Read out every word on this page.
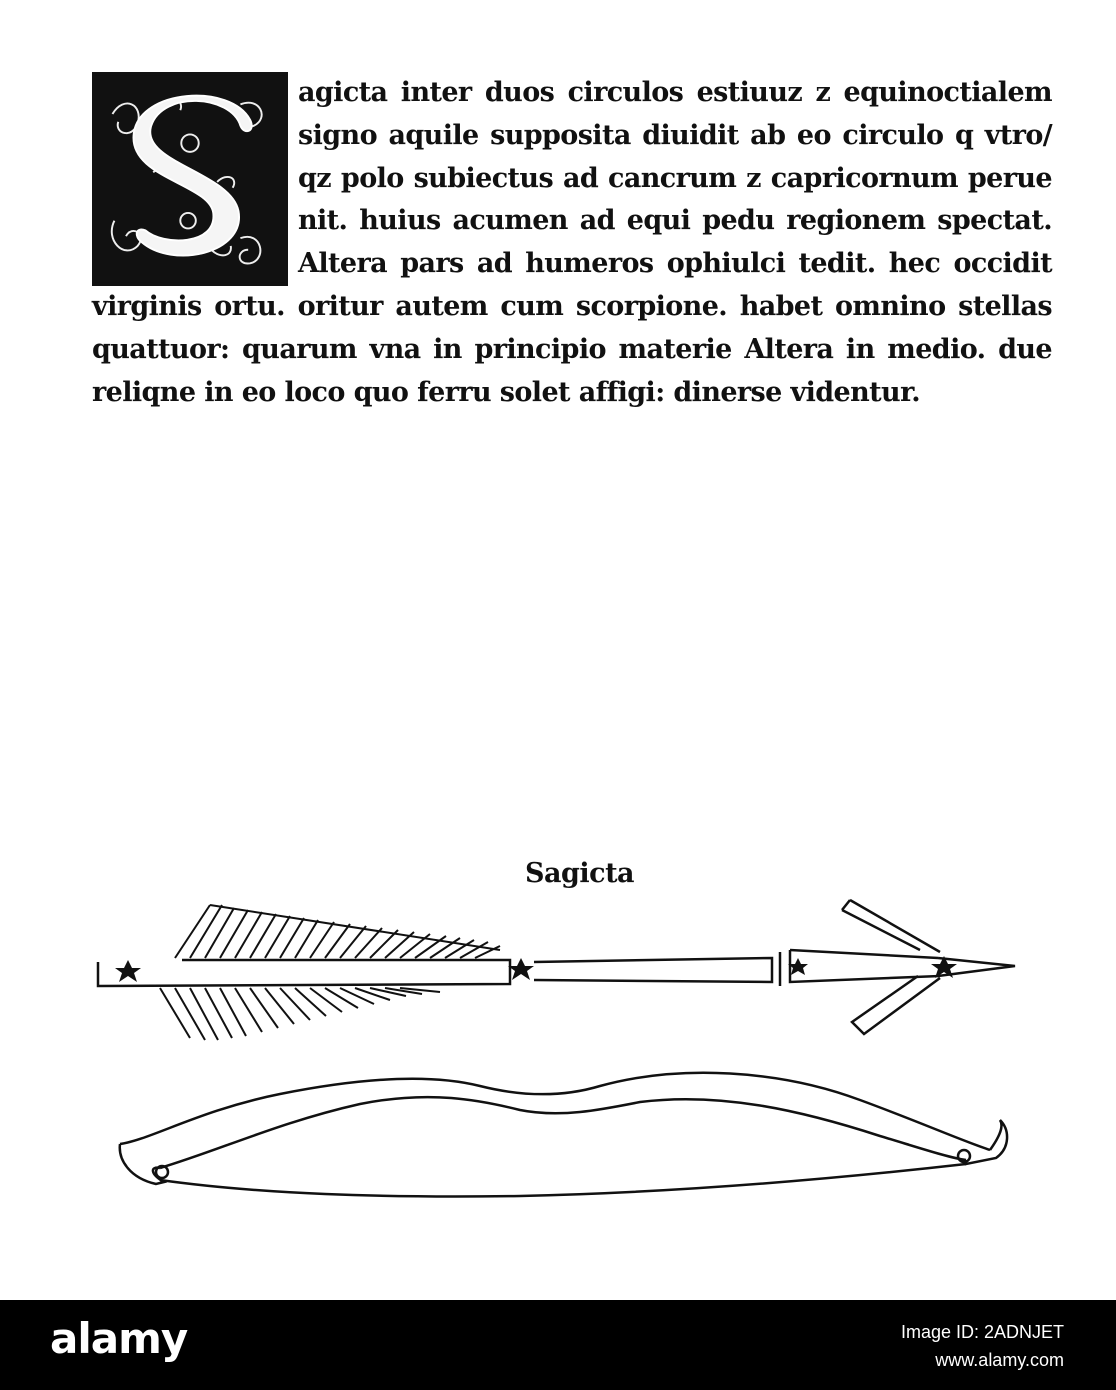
agicta inter duos circulos estiuuz z equinoctialem
signo aquile supposita diuidit ab eo circulo q vtro/
qz polo subiectus ad cancrum z capricornum perue
nit. huius acumen ad equi pedu regionem spectat.
Altera pars ad humeros ophiulci tedit. hec occidit
virginis ortu. oritur autem cum scorpione. habet omnino stellas
quattuor: quarum vna in principio materie Altera in medio. due
reliqne in eo loco quo ferru solet affigi: dinerse videntur.
Sagicta
alamy	Image ID: 2ADNJET
www.alamy.com
